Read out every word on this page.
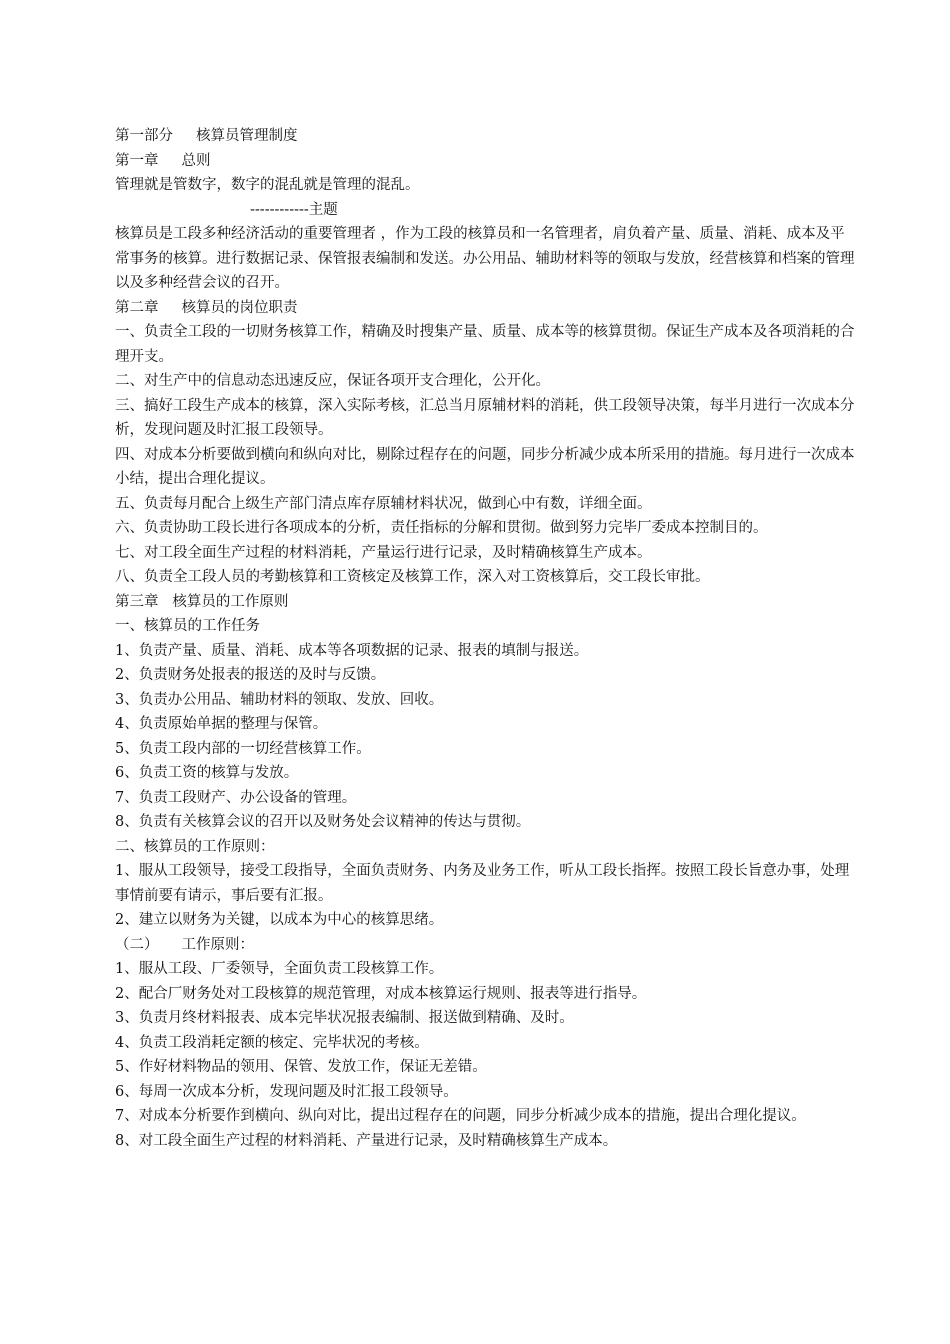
第一部分     核算员管理制度

第一章     总则

管理就是管数字，数字的混乱就是管理的混乱。

------------主题

核算员是工段多种经济活动的重要管理者 ，作为工段的核算员和一名管理者，肩负着产量、质量、消耗、成本及平常事务的核算。进行数据记录、保管报表编制和发送。办公用品、辅助材料等的领取与发放，经营核算和档案的管理以及多种经营会议的召开。

第二章     核算员的岗位职责

一、负责全工段的一切财务核算工作，精确及时搜集产量、质量、成本等的核算贯彻。保证生产成本及各项消耗的合理开支。

二、对生产中的信息动态迅速反应，保证各项开支合理化，公开化。

三、搞好工段生产成本的核算，深入实际考核，汇总当月原辅材料的消耗，供工段领导决策，每半月进行一次成本分析，发现问题及时汇报工段领导。

四、对成本分析要做到横向和纵向对比，剔除过程存在的问题，同步分析减少成本所采用的措施。每月进行一次成本小结，提出合理化提议。

五、负责每月配合上级生产部门清点库存原辅材料状况，做到心中有数，详细全面。

六、负责协助工段长进行各项成本的分析，责任指标的分解和贯彻。做到努力完毕厂委成本控制目的。

七、对工段全面生产过程的材料消耗，产量运行进行记录，及时精确核算生产成本。

八、负责全工段人员的考勤核算和工资核定及核算工作，深入对工资核算后，交工段长审批。

第三章   核算员的工作原则

一、核算员的工作任务

1、负责产量、质量、消耗、成本等各项数据的记录、报表的填制与报送。

2、负责财务处报表的报送的及时与反馈。

3、负责办公用品、辅助材料的领取、发放、回收。

4、负责原始单据的整理与保管。

5、负责工段内部的一切经营核算工作。

6、负责工资的核算与发放。

7、负责工段财产、办公设备的管理。

8、负责有关核算会议的召开以及财务处会议精神的传达与贯彻。

二、核算员的工作原则：

1、服从工段领导，接受工段指导，全面负责财务、内务及业务工作，听从工段长指挥。按照工段长旨意办事，处理事情前要有请示，事后要有汇报。

2、建立以财务为关键，以成本为中心的核算思绪。

（二）     工作原则：

1、服从工段、厂委领导，全面负责工段核算工作。

2、配合厂财务处对工段核算的规范管理，对成本核算运行规则、报表等进行指导。

3、负责月终材料报表、成本完毕状况报表编制、报送做到精确、及时。

4、负责工段消耗定额的核定、完毕状况的考核。

5、作好材料物品的领用、保管、发放工作，保证无差错。

6、每周一次成本分析，发现问题及时汇报工段领导。

7、对成本分析要作到横向、纵向对比，提出过程存在的问题，同步分析减少成本的措施，提出合理化提议。

8、对工段全面生产过程的材料消耗、产量进行记录，及时精确核算生产成本。
